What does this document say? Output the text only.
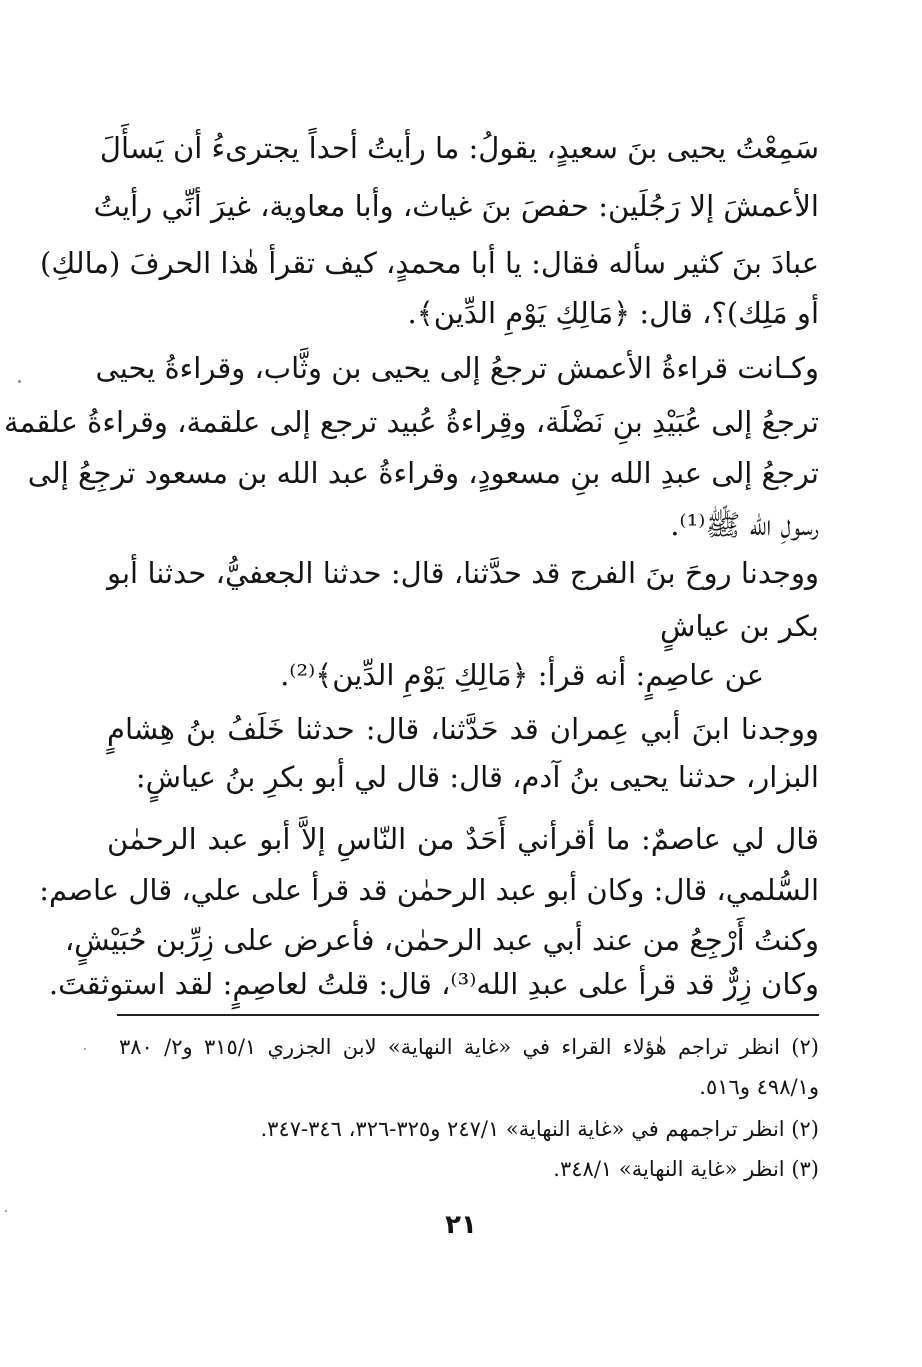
سَمِعْتُ يحيى بنَ سعيدٍ، يقولُ: ما رأيتُ أحداً يجترىءُ أن يَسأَلَ
الأعمشَ إلا رَجُلَين: حفصَ بنَ غياث، وأبا معاوية، غيرَ أنِّي رأيتُ
عبادَ بنَ كثير سأله فقال: يا أبا محمدٍ، كيف تقرأ هٰذا الحرفَ (مالكِ)
أو مَلِك)؟، قال: ﴿مَالِكِ يَوْمِ الدِّين﴾.
وكـانت قراءةُ الأعمش ترجعُ إلى يحيى بن وثَّاب، وقراءةُ يحيى
ترجعُ إلى عُبَيْدِ بنِ نَضْلَة، وقِراءةُ عُبيد ترجع إلى علقمة، وقراءةُ علقمة
ترجعُ إلى عبدِ الله بنِ مسعودٍ، وقراءةُ عبد الله بن مسعود ترجِعُ إلى
رسولِ الله ﷺ⁽¹⁾.
ووجدنا روحَ بنَ الفرج قد حدَّثنا، قال: حدثنا الجعفيُّ، حدثنا أبو
بكر بن عياشٍ
عن عاصِمٍ: أنه قرأ: ﴿مَالِكِ يَوْمِ الدِّين﴾⁽²⁾.
ووجدنا ابنَ أبي عِمران قد حَدَّثنا، قال: حدثنا خَلَفُ بنُ هِشامٍ
البزار، حدثنا يحيى بنُ آدم، قال: قال لي أبو بكرِ بنُ عياشٍ:
قال لي عاصمٌ: ما أقرأني أَحَدٌ من النّاسِ إلاَّ أبو عبد الرحمٰن
السُّلمي، قال: وكان أبو عبد الرحمٰن قد قرأ على علي، قال عاصم:
وكنتُ أَرْجِعُ من عند أبي عبد الرحمٰن، فأعرض على زِرِّبن حُبَيْشٍ،
وكان زِرٌّ قد قرأ على عبدِ الله⁽³⁾، قال: قلتُ لعاصِمٍ: لقد استوثقتَ.
(٢) انظر تراجم هٰؤلاء القراء في «غاية النهاية» لابن الجزري ٣١٥/١ و٢/ ٣٨٠
و٤٩٨/١ و٥١٦.
(٢) انظر تراجمهم في «غاية النهاية» ٢٤٧/١ و٣٢٥-٣٢٦، ٣٤٦-٣٤٧.
(٣) انظر «غاية النهاية» ٣٤٨/١.
٢١
